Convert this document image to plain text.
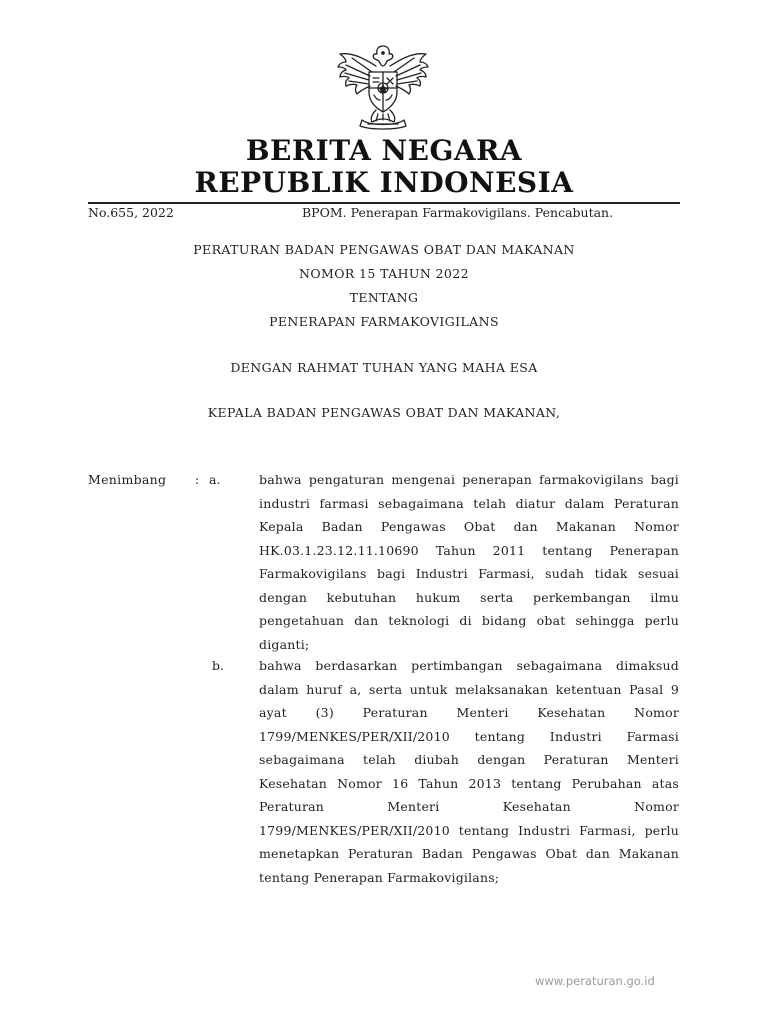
BERITA NEGARA
REPUBLIK INDONESIA
No.655, 2022	BPOM. Penerapan Farmakovigilans. Pencabutan.
PERATURAN BADAN PENGAWAS OBAT DAN MAKANAN
NOMOR 15 TAHUN 2022
TENTANG
PENERAPAN FARMAKOVIGILANS
DENGAN RAHMAT TUHAN YANG MAHA ESA
KEPALA BADAN PENGAWAS OBAT DAN MAKANAN,
Menimbang : a.	bahwa pengaturan mengenai penerapan farmakovigilans bagi industri farmasi sebagaimana telah diatur dalam Peraturan Kepala Badan Pengawas Obat dan Makanan Nomor HK.03.1.23.12.11.10690 Tahun 2011 tentang Penerapan Farmakovigilans bagi Industri Farmasi, sudah tidak sesuai dengan kebutuhan hukum serta perkembangan ilmu pengetahuan dan teknologi di bidang obat sehingga perlu diganti;
b.	bahwa berdasarkan pertimbangan sebagaimana dimaksud dalam huruf a, serta untuk melaksanakan ketentuan Pasal 9 ayat (3) Peraturan Menteri Kesehatan Nomor 1799/MENKES/PER/XII/2010 tentang Industri Farmasi sebagaimana telah diubah dengan Peraturan Menteri Kesehatan Nomor 16 Tahun 2013 tentang Perubahan atas Peraturan Menteri Kesehatan Nomor 1799/MENKES/PER/XII/2010 tentang Industri Farmasi, perlu menetapkan Peraturan Badan Pengawas Obat dan Makanan tentang Penerapan Farmakovigilans;
www.peraturan.go.id
